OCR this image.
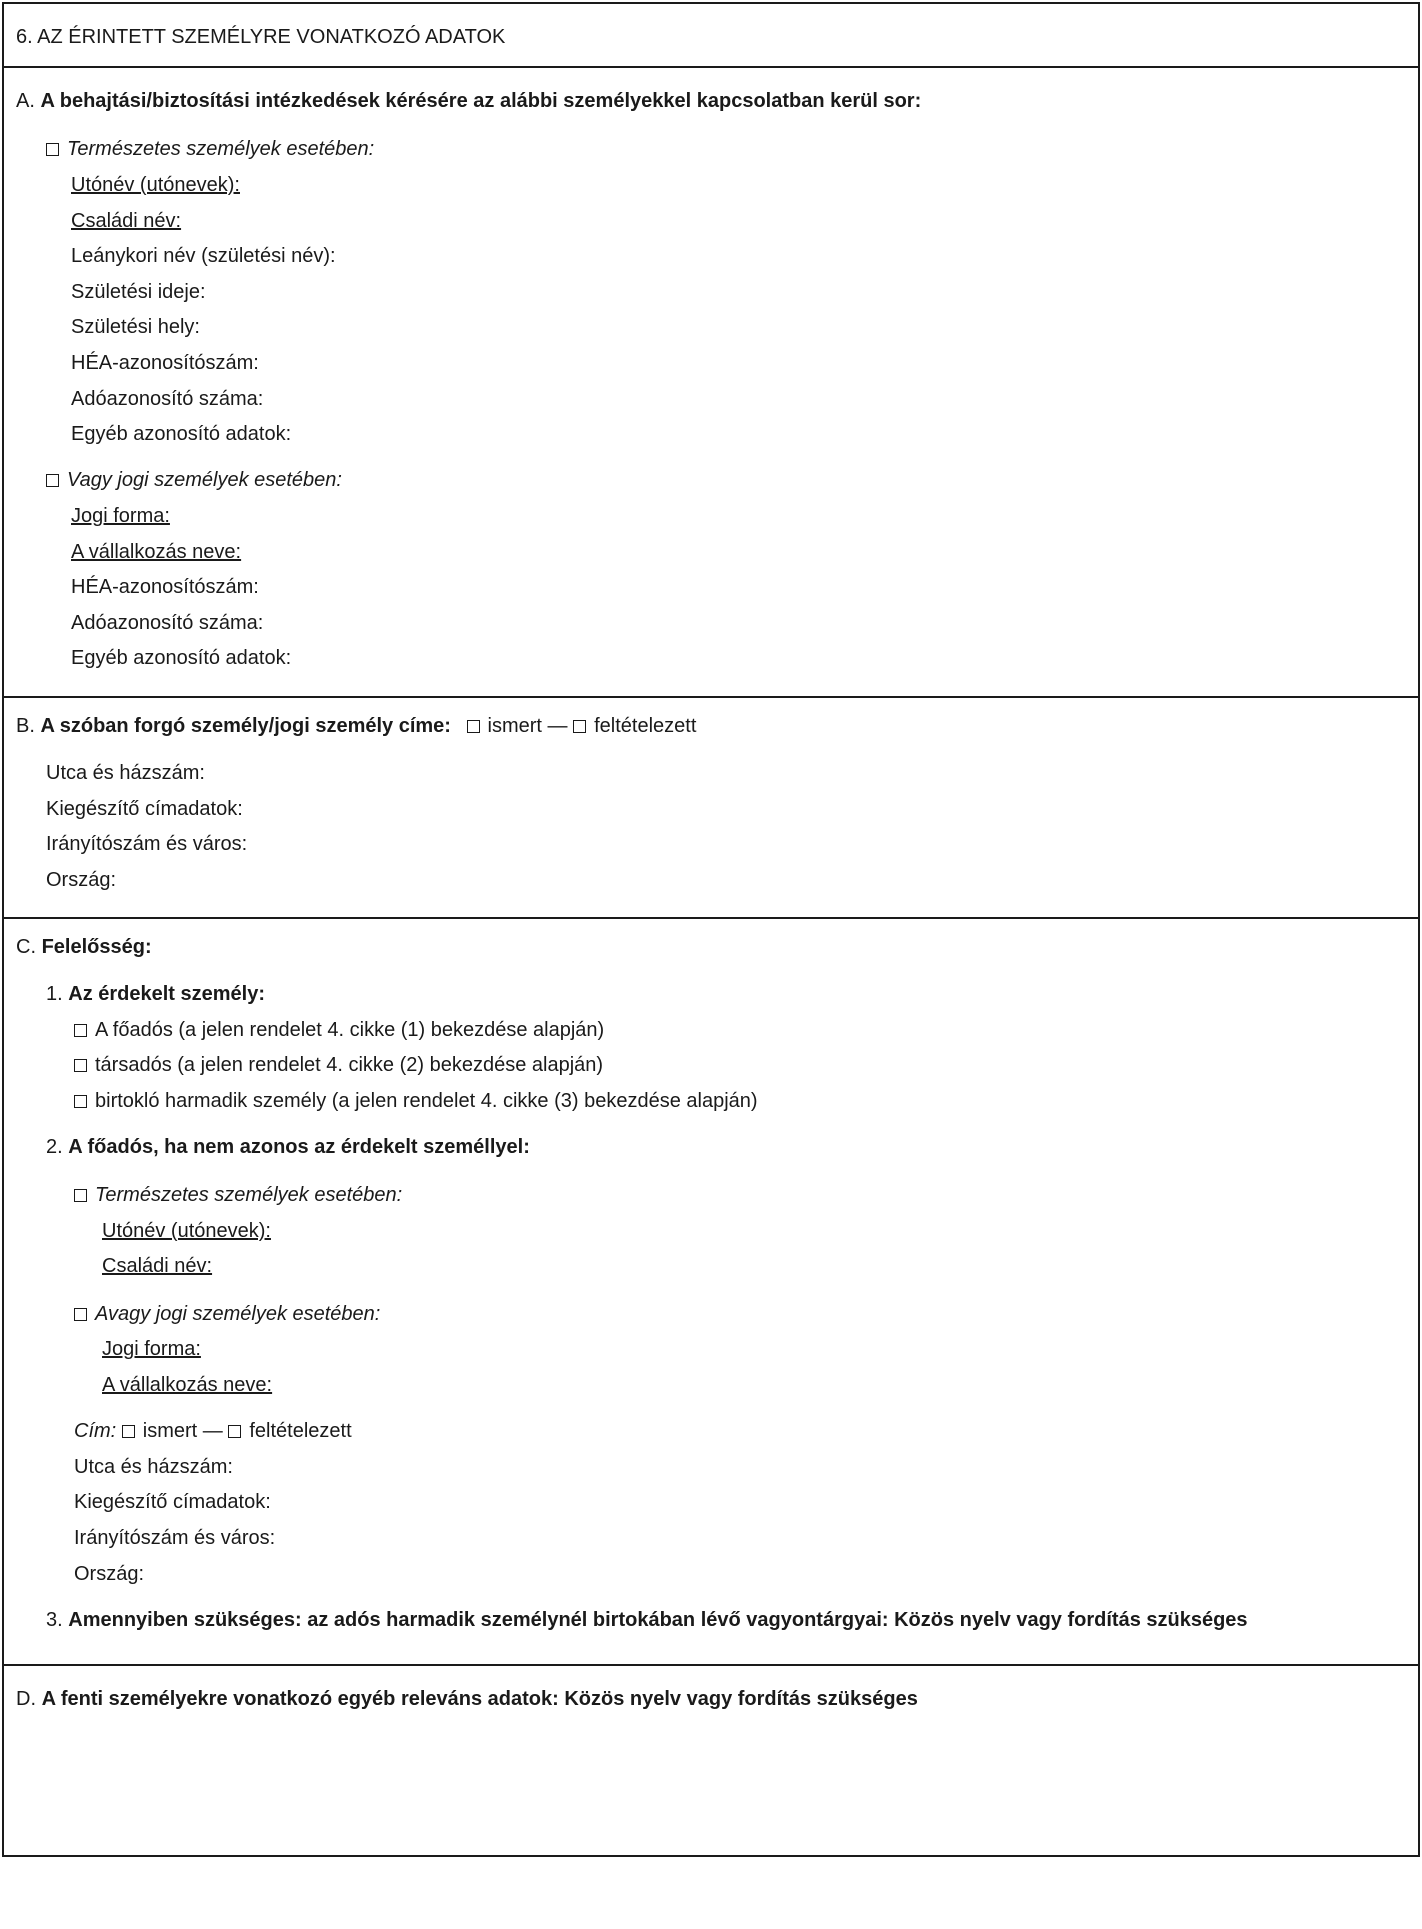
6. AZ ÉRINTETT SZEMÉLYRE VONATKOZÓ ADATOK
A. A behajtási/biztosítási intézkedések kérésére az alábbi személyekkel kapcsolatban kerül sor:
Természetes személyek esetében:
Utónév (utónevek):
Családi név:
Leánykori név (születési név):
Születési ideje:
Születési hely:
HÉA-azonosítószám:
Adóazonosító száma:
Egyéb azonosító adatok:
Vagy jogi személyek esetében:
Jogi forma:
A vállalkozás neve:
HÉA-azonosítószám:
Adóazonosító száma:
Egyéb azonosító adatok:
B. A szóban forgó személy/jogi személy címe: ismert — feltételezett
Utca és házszám:
Kiegészítő címadatok:
Irányítószám és város:
Ország:
C. Felelősség:
1. Az érdekelt személy:
A főadós (a jelen rendelet 4. cikke (1) bekezdése alapján)
társadós (a jelen rendelet 4. cikke (2) bekezdése alapján)
birtokló harmadik személy (a jelen rendelet 4. cikke (3) bekezdése alapján)
2. A főadós, ha nem azonos az érdekelt személlyel:
Természetes személyek esetében:
Utónév (utónevek):
Családi név:
Avagy jogi személyek esetében:
Jogi forma:
A vállalkozás neve:
Cím: ismert — feltételezett
Utca és házszám:
Kiegészítő címadatok:
Irányítószám és város:
Ország:
3. Amennyiben szükséges: az adós harmadik személynél birtokában lévő vagyontárgyai: Közös nyelv vagy fordítás szükséges
D. A fenti személyekre vonatkozó egyéb releváns adatok: Közös nyelv vagy fordítás szükséges
